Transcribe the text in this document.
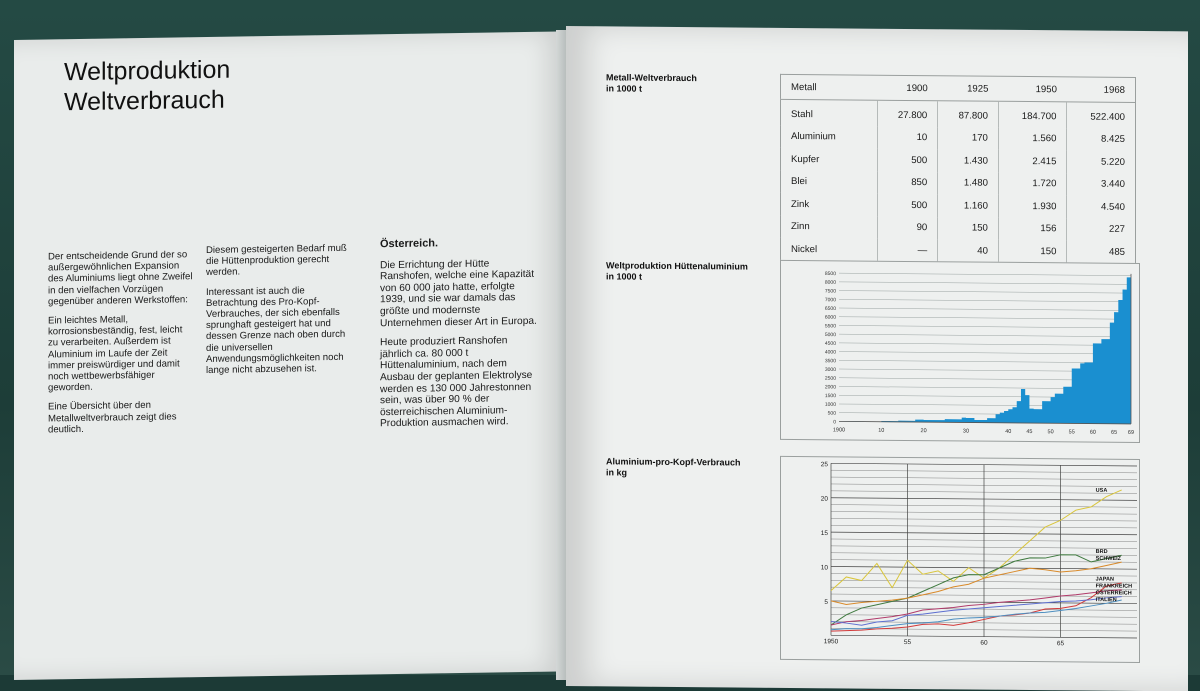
Weltproduktion
Weltverbrauch

Der entscheidende Grund der so außergewöhnlichen Expansion des Aluminiums liegt ohne Zweifel in den vielfachen Vorzügen gegenüber anderen Werkstoffen:

Ein leichtes Metall, korrosionsbeständig, fest, leicht zu verarbeiten. Außerdem ist Aluminium im Laufe der Zeit immer preiswürdiger und damit noch wettbewerbsfähiger geworden.

Eine Übersicht über den Metallweltverbrauch zeigt dies deutlich.

Diesem gesteigerten Bedarf muß die Hüttenproduktion gerecht werden.

Interessant ist auch die Betrachtung des Pro-Kopf-Verbrauches, der sich ebenfalls sprunghaft gesteigert hat und dessen Grenze nach oben durch die universellen Anwendungsmöglichkeiten noch lange nicht abzusehen ist.

Österreich.

Die Errichtung der Hütte Ranshofen, welche eine Kapazität von 60 000 jato hatte, erfolgte 1939, und sie war damals das größte und modernste Unternehmen dieser Art in Europa.

Heute produziert Ranshofen jährlich ca. 80 000 t Hüttenaluminium, nach dem Ausbau der geplanten Elektrolyse werden es 130 000 Jahrestonnen sein, was über 90 % der österreichischen Aluminium-Produktion ausmachen wird.

Metall-Weltverbrauch
in 1000 t	Metall	1900	1925	1950	1968
Stahl	27.800	87.800	184.700	522.400
Aluminium	10	170	1.560	8.425
Kupfer	500	1.430	2.415	5.220
Blei	850	1.480	1.720	3.440
Zink	500	1.160	1.930	4.540
Zinn	90	150	156	227
Nickel	—	40	150	485
Weltproduktion Hüttenaluminium
in 1000 t
0
500
1000
1500
2000
2500
3000
3500
4000
4500
5000
5500
6000
6500
7000
7500
8000
8500
1900	10	20	30	40	45	50	55	60	65 69
Aluminium-pro-Kopf-Verbrauch
in kg
5
10
15
20
25
1950	55	60	65
USA
BRD
SCHWEIZ
JAPAN
FRANKREICH
ÖSTERREICH
ITALIEN
